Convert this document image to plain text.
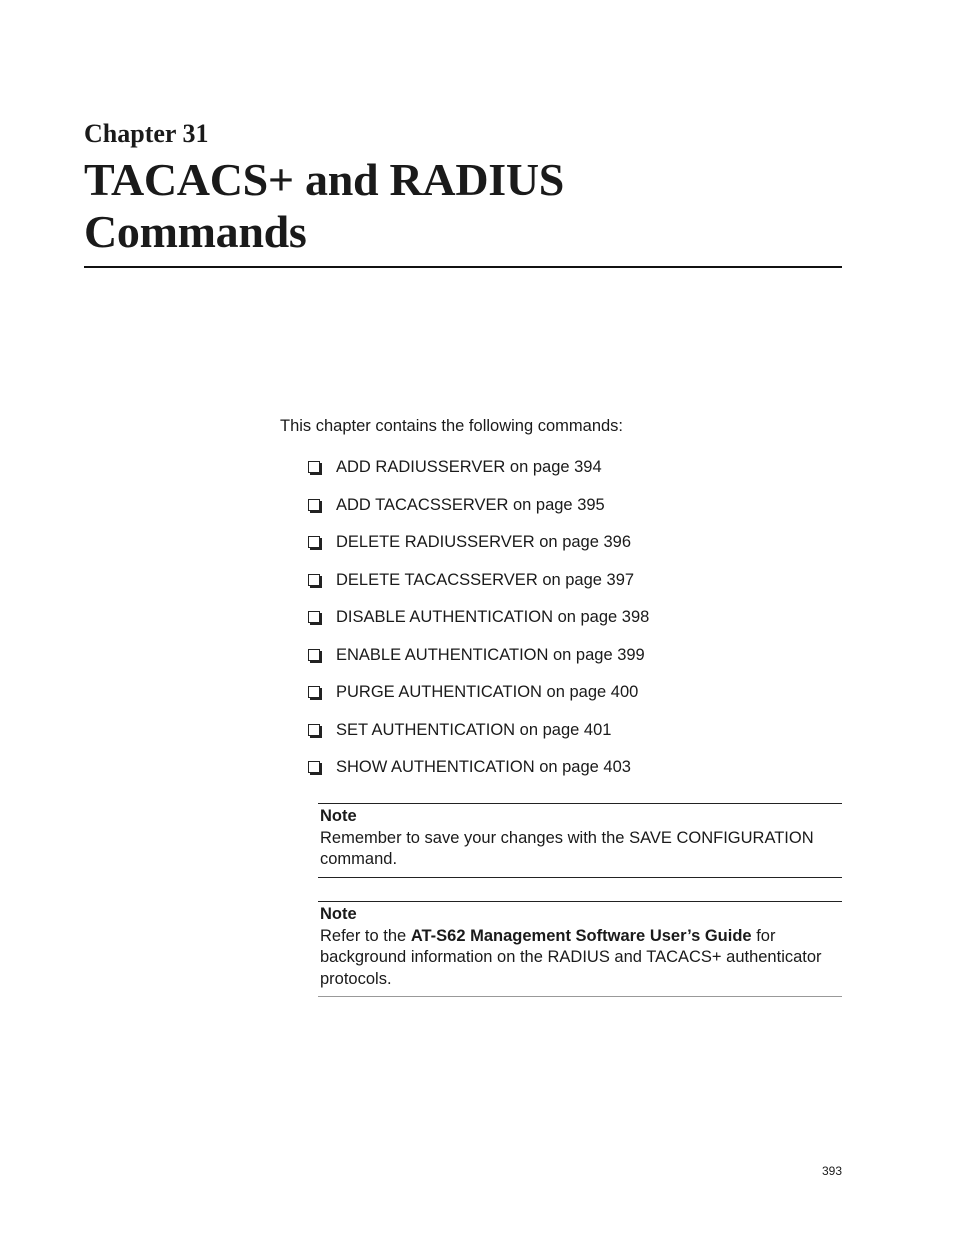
Chapter 31
TACACS+ and RADIUS
Commands

This chapter contains the following commands:

ADD RADIUSSERVER on page 394
ADD TACACSSERVER on page 395
DELETE RADIUSSERVER on page 396
DELETE TACACSSERVER on page 397
DISABLE AUTHENTICATION on page 398
ENABLE AUTHENTICATION on page 399
PURGE AUTHENTICATION on page 400
SET AUTHENTICATION on page 401
SHOW AUTHENTICATION on page 403
Note
Remember to save your changes with the SAVE CONFIGURATION command.
Note
Refer to the AT-S62 Management Software User’s Guide for background information on the RADIUS and TACACS+ authenticator protocols.
393
